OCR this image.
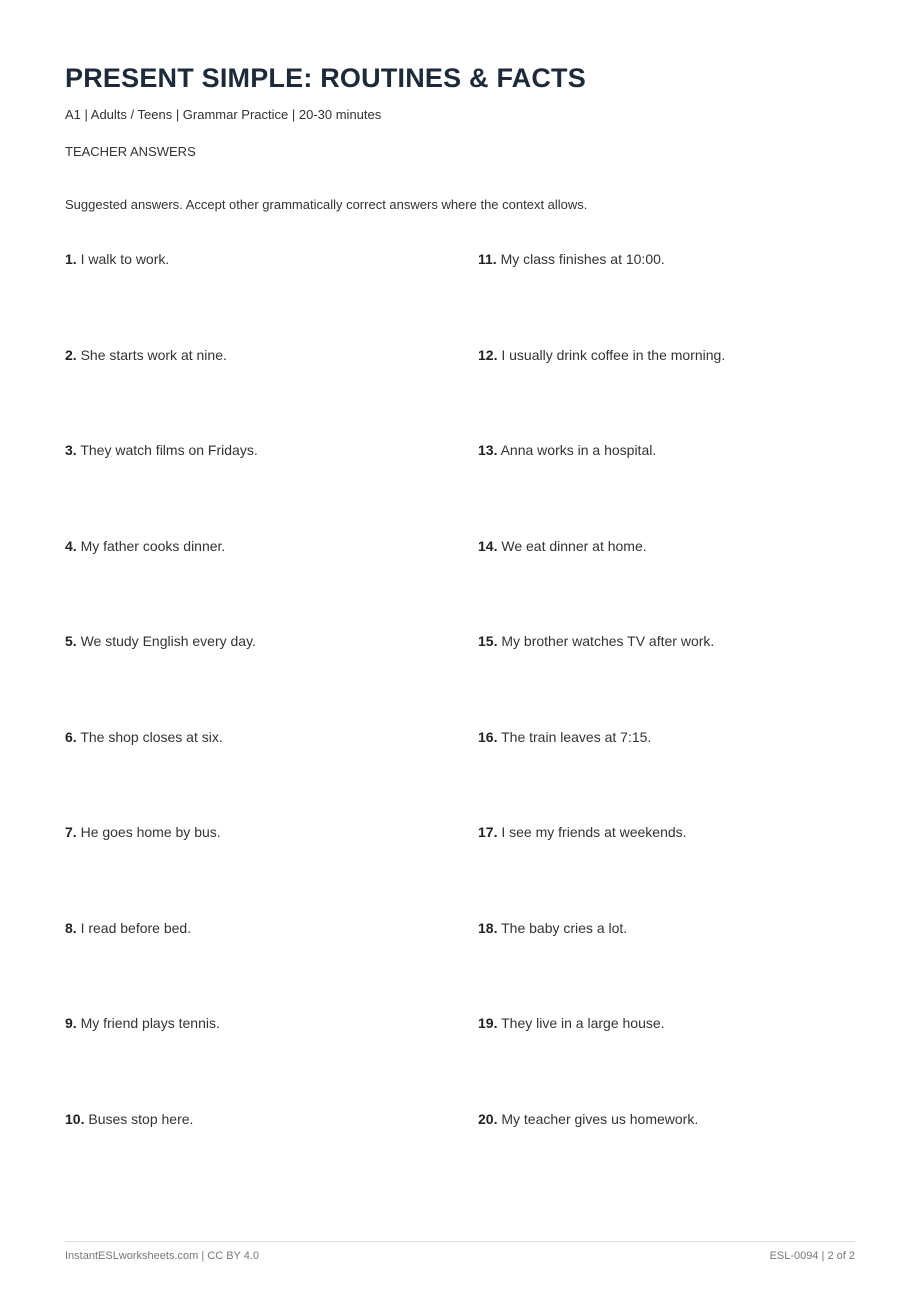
PRESENT SIMPLE: ROUTINES & FACTS
A1 | Adults / Teens | Grammar Practice | 20-30 minutes
TEACHER ANSWERS
Suggested answers. Accept other grammatically correct answers where the context allows.
1. I walk to work.
2. She starts work at nine.
3. They watch films on Fridays.
4. My father cooks dinner.
5. We study English every day.
6. The shop closes at six.
7. He goes home by bus.
8. I read before bed.
9. My friend plays tennis.
10. Buses stop here.
11. My class finishes at 10:00.
12. I usually drink coffee in the morning.
13. Anna works in a hospital.
14. We eat dinner at home.
15. My brother watches TV after work.
16. The train leaves at 7:15.
17. I see my friends at weekends.
18. The baby cries a lot.
19. They live in a large house.
20. My teacher gives us homework.
InstantESLworksheets.com | CC BY 4.0	ESL-0094 | 2 of 2
